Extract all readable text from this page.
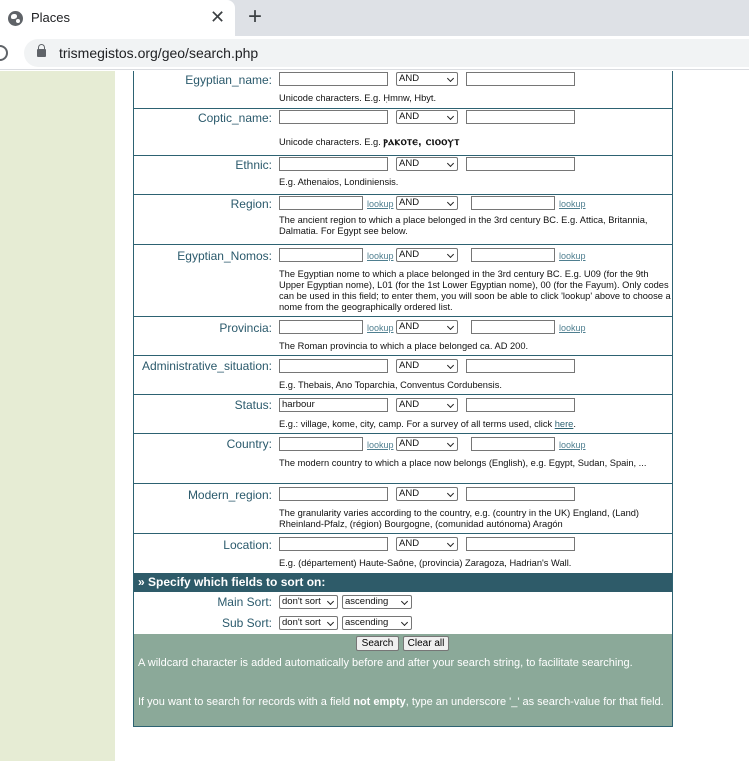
Places	✕ +
trismegistos.org/geo/search.php
Egyptian_name:	AND
Unicode characters. E.g. Ḥmnw, Hbyt.
Coptic_name:	AND
Unicode characters. E.g. ⲣⲁⲕⲟⲧⲉ, ⲥⲓⲟⲟⲩⲧ
Ethnic:	AND
E.g. Athenaios, Londiniensis.
Region:	lookup AND	lookup
The ancient region to which a place belonged in the 3rd century BC. E.g. Attica, Britannia, Dalmatia. For Egypt see below.
Egyptian_Nomos:	lookup AND	lookup
The Egyptian nome to which a place belonged in the 3rd century BC. E.g. U09 (for the 9th Upper Egyptian nome), L01 (for the 1st Lower Egyptian nome), 00 (for the Fayum). Only codes can be used in this field; to enter them, you will soon be able to click 'lookup' above to choose a nome from the geographically ordered list.
Provincia:	lookup AND	lookup
The Roman provincia to which a place belonged ca. AD 200.
Administrative_situation:	AND
E.g. Thebais, Ano Toparchia, Conventus Cordubensis.
Status:	harbour	AND
E.g.: village, kome, city, camp. For a survey of all terms used, click here.
Country:	lookup AND	lookup
The modern country to which a place now belongs (English), e.g. Egypt, Sudan, Spain, ...
Modern_region:	AND
The granularity varies according to the country, e.g. (country in the UK) England, (Land) Rheinland-Pfalz, (région) Bourgogne, (comunidad autónoma) Aragón
Location:	AND
E.g. (département) Haute-Saône, (provincia) Zaragoza, Hadrian's Wall.
» Specify which fields to sort on:
Main Sort:	don't sort	ascending
Sub Sort:	don't sort	ascending
Search	Clear all
A wildcard character is added automatically before and after your search string, to facilitate searching.
If you want to search for records with a field not empty, type an underscore '_' as search-value for that field.
